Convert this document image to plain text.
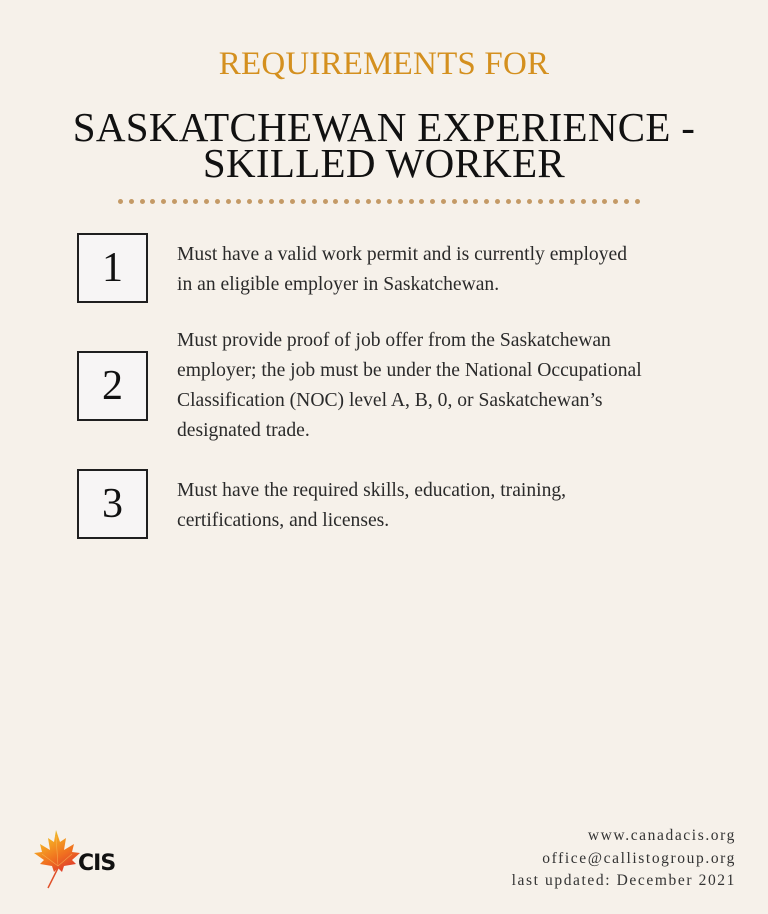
REQUIREMENTS FOR
SASKATCHEWAN EXPERIENCE -
SKILLED WORKER
1	Must have a valid work permit and is currently employed in an eligible employer in Saskatchewan.
2
Must provide proof of job offer from the Saskatchewan employer; the job must be under the National Occupational Classification (NOC) level A, B, 0, or Saskatchewan’s designated trade.
3	Must have the required skills, education, training, certifications, and licenses.
CIS
www.canadacis.org
office@callistogroup.org
last updated: December 2021
